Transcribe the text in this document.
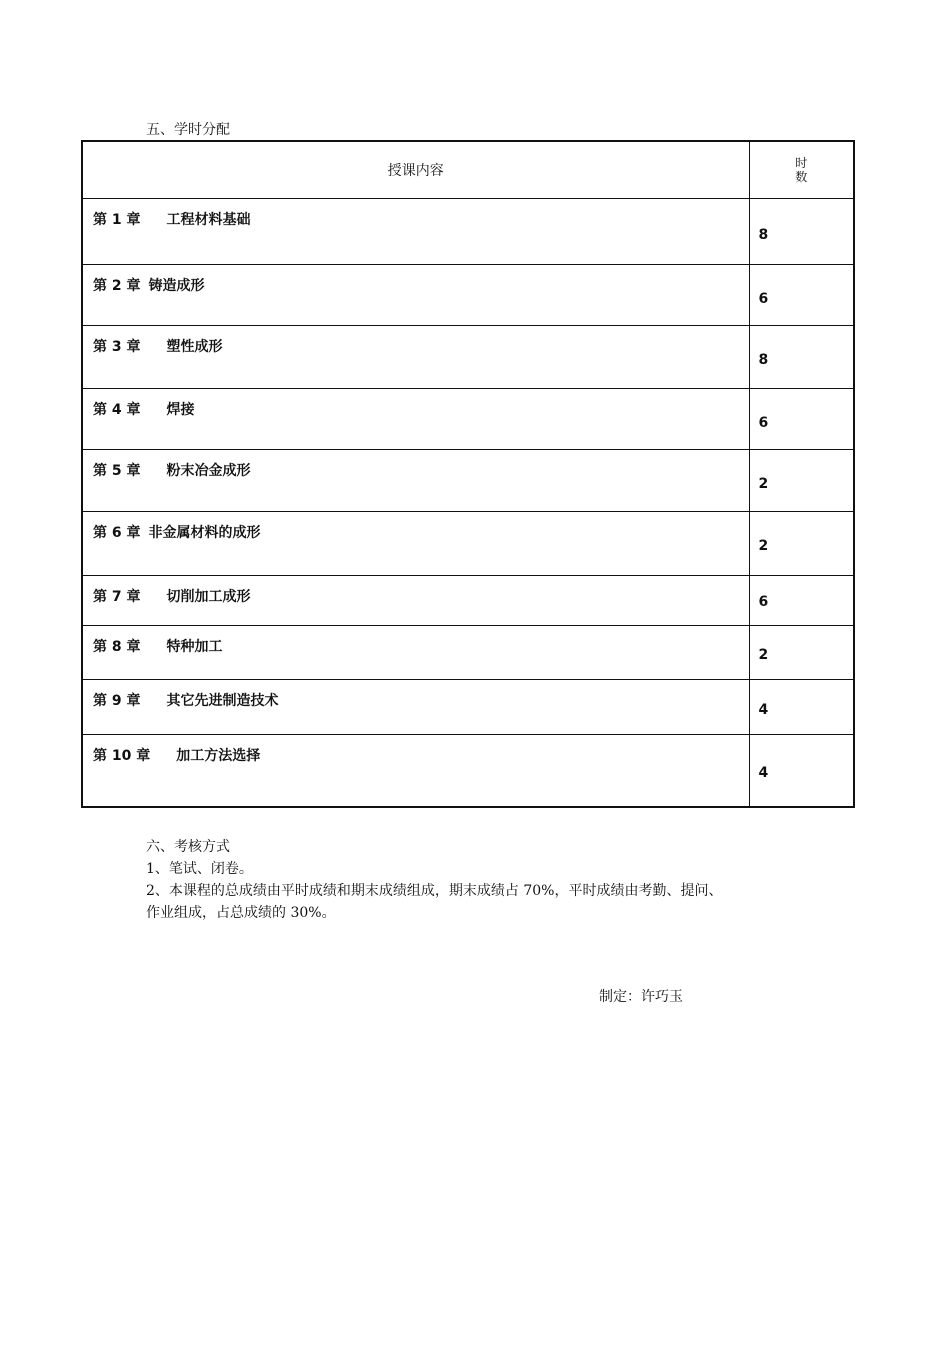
五、学时分配
授课内容	时
数
第 1 章 工程材料基础	8
第 2 章 铸造成形	6
第 3 章 塑性成形	8
第 4 章 焊接	6
第 5 章 粉末冶金成形	2
第 6 章 非金属材料的成形	2
第 7 章 切削加工成形	6
第 8 章 特种加工	2
第 9 章 其它先进制造技术	4
第 10 章 加工方法选择	4
六、考核方式
1、笔试、闭卷。
2、本课程的总成绩由平时成绩和期末成绩组成，期末成绩占 70%，平时成绩由考勤、提问、
作业组成，占总成绩的 30%。
制定：许巧玉
